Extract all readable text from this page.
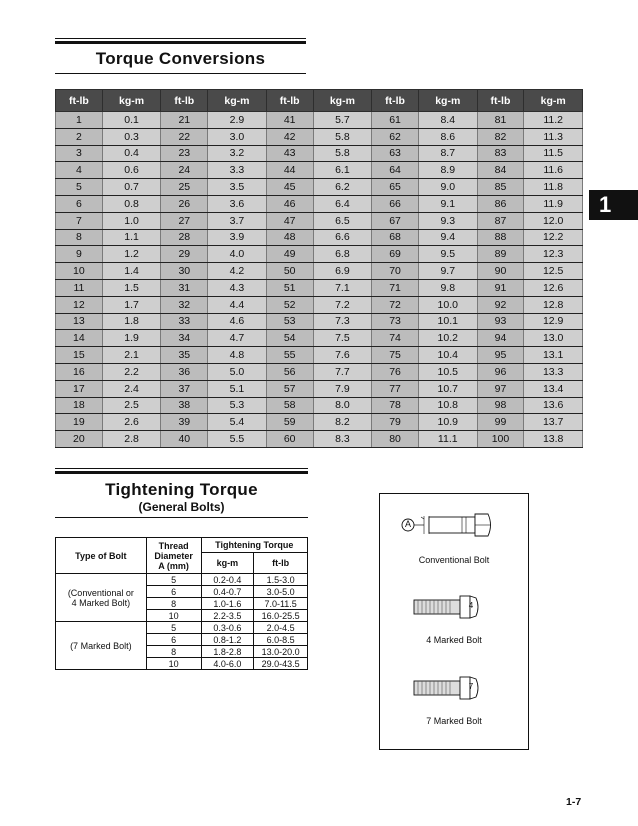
Torque Conversions
ft-lb	kg-m	ft-lb	kg-m	ft-lb	kg-m	ft-lb	kg-m	ft-lb	kg-m
1	0.1	21	2.9	41	5.7	61	8.4	81	11.2
2	0.3	22	3.0	42	5.8	62	8.6	82	11.3
3	0.4	23	3.2	43	5.8	63	8.7	83	11.5
4	0.6	24	3.3	44	6.1	64	8.9	84	11.6
5	0.7	25	3.5	45	6.2	65	9.0	85	11.8
6	0.8	26	3.6	46	6.4	66	9.1	86	11.9
7	1.0	27	3.7	47	6.5	67	9.3	87	12.0
8	1.1	28	3.9	48	6.6	68	9.4	88	12.2
9	1.2	29	4.0	49	6.8	69	9.5	89	12.3
10	1.4	30	4.2	50	6.9	70	9.7	90	12.5
11	1.5	31	4.3	51	7.1	71	9.8	91	12.6
12	1.7	32	4.4	52	7.2	72	10.0	92	12.8
13	1.8	33	4.6	53	7.3	73	10.1	93	12.9
14	1.9	34	4.7	54	7.5	74	10.2	94	13.0
15	2.1	35	4.8	55	7.6	75	10.4	95	13.1
16	2.2	36	5.0	56	7.7	76	10.5	96	13.3
17	2.4	37	5.1	57	7.9	77	10.7	97	13.4
18	2.5	38	5.3	58	8.0	78	10.8	98	13.6
19	2.6	39	5.4	59	8.2	79	10.9	99	13.7
20	2.8	40	5.5	60	8.3	80	11.1	100	13.8
1
Tightening Torque
(General Bolts)
Type of Bolt	Thread
Diameter
A (mm)	Tightening Torque	
		kg-m	ft-lb

(Conventional or
4 Marked Bolt)	5	0.2-0.4	1.5-3.0
	6	0.4-0.7	3.0-5.0
	8	1.0-1.6	7.0-11.5
	10	2.2-3.5	16.0-25.5

(7 Marked Bolt)	5	0.3-0.6	2.0-4.5
	6	0.8-1.2	6.0-8.5
	8	1.8-2.8	13.0-20.0
	10	4.0-6.0	29.0-43.5
A
4
7
Conventional Bolt
4 Marked Bolt
7 Marked Bolt
1-7
